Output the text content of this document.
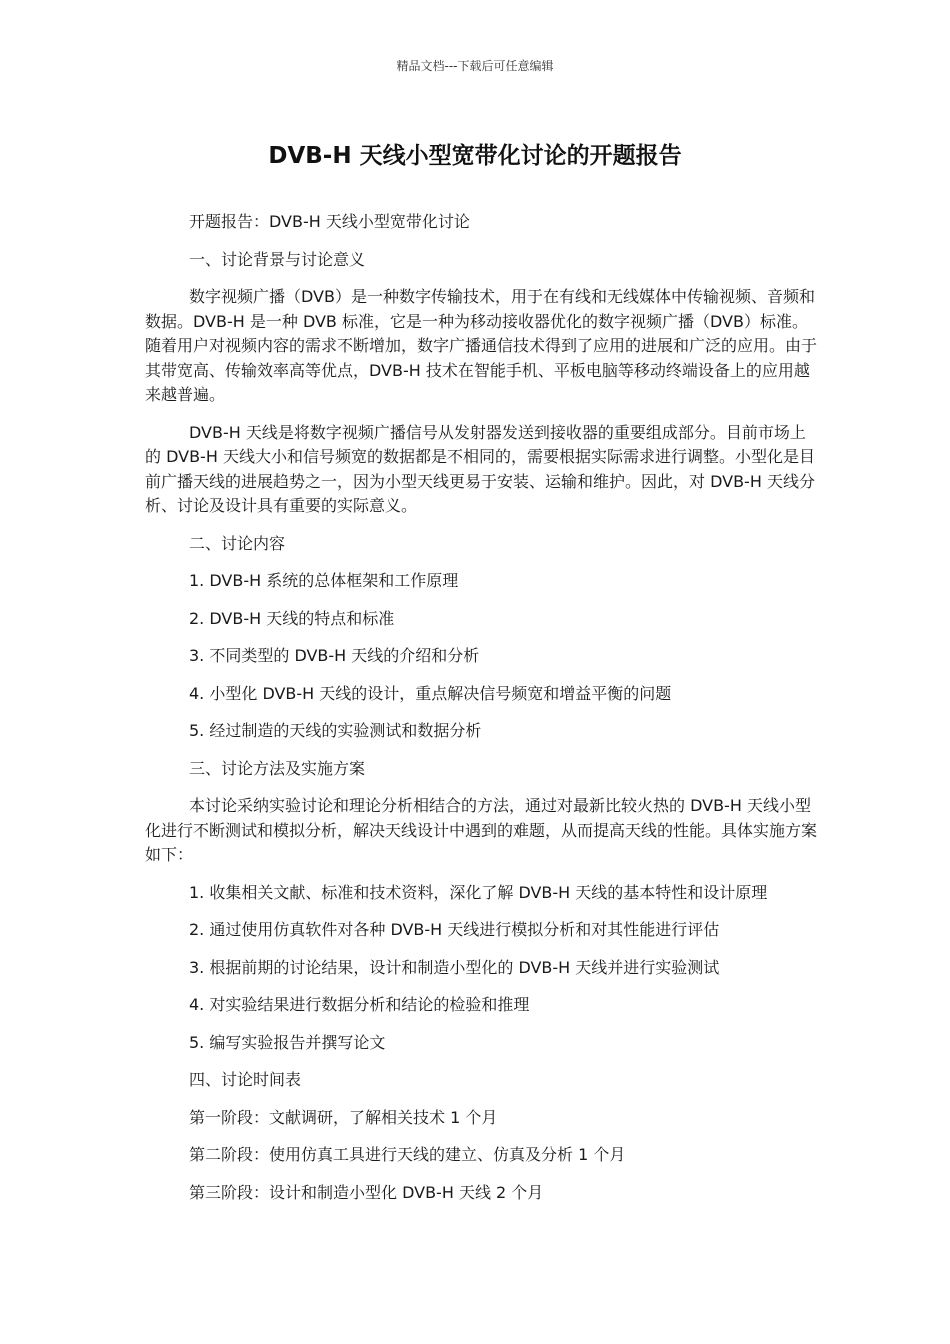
精品文档---下载后可任意编辑
DVB-H 天线小型宽带化讨论的开题报告

开题报告：DVB-H 天线小型宽带化讨论

一、讨论背景与讨论意义

数字视频广播（DVB）是一种数字传输技术，用于在有线和无线媒体中传输视频、音频和数据。DVB-H 是一种 DVB 标准，它是一种为移动接收器优化的数字视频广播（DVB）标准。随着用户对视频内容的需求不断增加，数字广播通信技术得到了应用的进展和广泛的应用。由于其带宽高、传输效率高等优点，DVB-H 技术在智能手机、平板电脑等移动终端设备上的应用越来越普遍。

DVB-H 天线是将数字视频广播信号从发射器发送到接收器的重要组成部分。目前市场上的 DVB-H 天线大小和信号频宽的数据都是不相同的，需要根据实际需求进行调整。小型化是目前广播天线的进展趋势之一，因为小型天线更易于安装、运输和维护。因此，对 DVB-H 天线分析、讨论及设计具有重要的实际意义。

二、讨论内容

1. DVB-H 系统的总体框架和工作原理

2. DVB-H 天线的特点和标准

3. 不同类型的 DVB-H 天线的介绍和分析

4. 小型化 DVB-H 天线的设计，重点解决信号频宽和增益平衡的问题

5. 经过制造的天线的实验测试和数据分析

三、讨论方法及实施方案

本讨论采纳实验讨论和理论分析相结合的方法，通过对最新比较火热的 DVB-H 天线小型化进行不断测试和模拟分析，解决天线设计中遇到的难题，从而提高天线的性能。具体实施方案如下：

1. 收集相关文献、标准和技术资料，深化了解 DVB-H 天线的基本特性和设计原理

2. 通过使用仿真软件对各种 DVB-H 天线进行模拟分析和对其性能进行评估

3. 根据前期的讨论结果，设计和制造小型化的 DVB-H 天线并进行实验测试

4. 对实验结果进行数据分析和结论的检验和推理

5. 编写实验报告并撰写论文

四、讨论时间表

第一阶段：文献调研，了解相关技术 1 个月

第二阶段：使用仿真工具进行天线的建立、仿真及分析 1 个月

第三阶段：设计和制造小型化 DVB-H 天线 2 个月
